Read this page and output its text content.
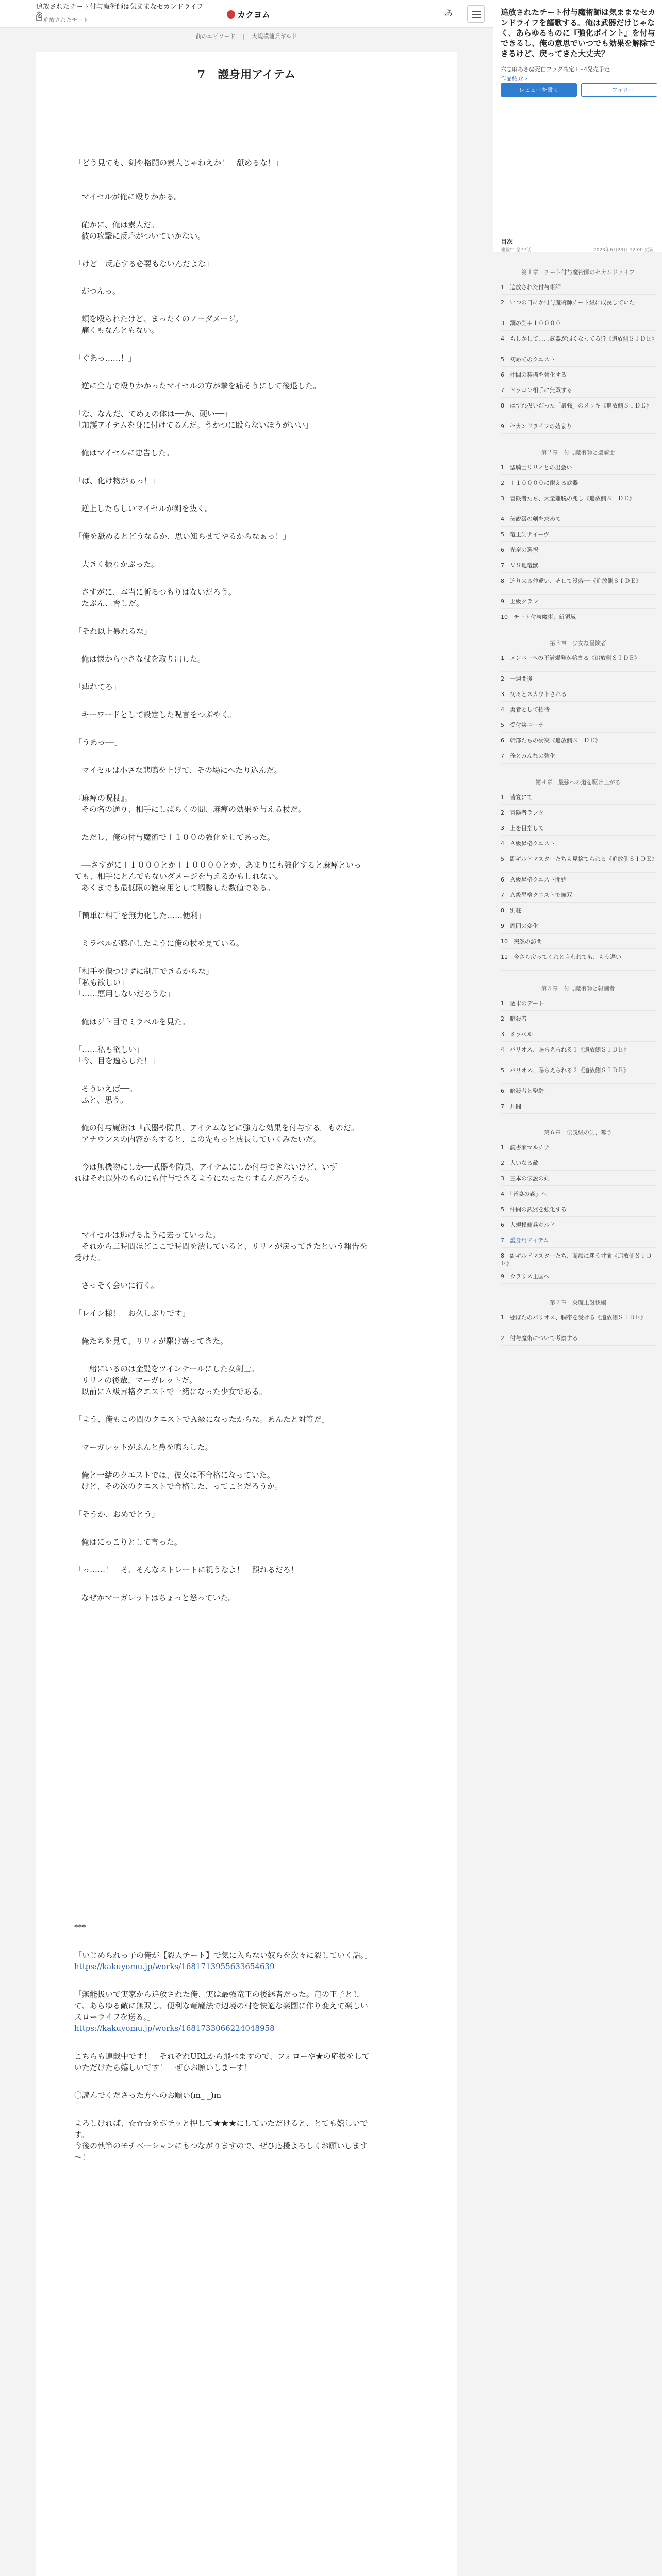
追放されたチート付与魔術師は気ままなセカンドライフを
追放されたチート
カクヨム	あ
前のエピソード | 大規模傭兵ギルド
7 護身用アイテム
「どう見ても、剣や格闘の素人じゃねえか！　舐めるな！」
マイセルが俺に殴りかかる。
確かに、俺は素人だ。
彼の攻撃に反応がついていかない。
「けど一反応する必要もないんだよな」
がつんっ。
頬を殴られたけど、まったくのノーダメージ。
痛くもなんともない。
「ぐあっ……！」
逆に全力で殴りかかったマイセルの方が拳を痛そうにして後退した。
「な、なんだ、てめぇの体は──か、硬い──」
「加護アイテムを身に付けてるんだ。うかつに殴らないほうがいい」
俺はマイセルに忠告した。
「ば、化け物がぁっ！」
逆上したらしいマイセルが剣を抜く。
「俺を舐めるとどうなるか、思い知らせてやるからなぁっ！」
大きく振りかぶった。
さすがに、本当に斬るつもりはないだろう。
たぶん、脅しだ。
「それ以上暴れるな」
俺は懐から小さな杖を取り出した。
「痺れてろ」
キーワードとして設定した呪言をつぶやく。
「うあっ──」
マイセルは小さな悲鳴を上げて、その場にへたり込んだ。
『麻痺の呪杖』。
その名の通り、相手にしばらくの間、麻痺の効果を与える杖だ。
ただし、俺の付与魔術で＋１００の強化をしてあった。
──さすがに＋１０００とか＋１００００とか、あまりにも強化すると麻痺といっ
ても、相手にとんでもないダメージを与えるかもしれない。
あくまでも最低限の護身用として調整した数値である。
「簡単に相手を無力化した……便利」
ミラベルが感心したように俺の杖を見ている。
「相手を傷つけずに制圧できるからな」
「私も欲しい」
「……悪用しないだろうな」
俺はジト目でミラベルを見た。
「……私も欲しい」
「今、目を逸らした！」
そういえば──。
ふと、思う。
俺の付与魔術は『武器や防具、アイテムなどに強力な効果を付与する』ものだ。
アナウンスの内容からすると、この先もっと成長していくみたいだ。
今は無機物にしか──武器や防具、アイテムにしか付与できないけど、いず
れはそれ以外のものにも付与できるようになったりするんだろうか。
マイセルは逃げるように去っていった。
それから二時間ほどここで時間を潰していると、リリィが戻ってきたという報告を
受けた。
さっそく会いに行く。
「レイン様！　お久しぶりです」
俺たちを見て、リリィが駆け寄ってきた。
一緒にいるのは金髪をツインテールにした女剣士。
リリィの後輩、マーガレットだ。
以前にＡ級昇格クエストで一緒になった少女である。
「よう、俺もこの間のクエストでＡ級になったからな。あんたと対等だ」
マーガレットがふんと鼻を鳴らした。
俺と一緒のクエストでは、彼女は不合格になっていた。
けど、その次のクエストで合格した、ってことだろうか。
「そうか、おめでとう」
俺はにっこりとして言った。
「っ……！　そ、そんなストレートに祝うなよ！　照れるだろ！」
なぜかマーガレットはちょっと怒っていた。
***
「いじめられっ子の俺が【殺人チート】で気に入らない奴らを次々に殺していく話。」
https://kakuyomu.jp/works/1681713955633654639
「無能扱いで実家から追放された俺、実は最強竜王の後継者だった。竜の王子とし
て、あらゆる敵に無双し、便利な竜魔法で辺境の村を快適な楽園に作り変えて楽しい
スローライフを送る。」
https://kakuyomu.jp/works/1681733066224048958
こちらも連載中です！　それぞれURLから飛べますので、フォローや★の応援をして
いただけたら嬉しいです！　ぜひお願いしまーす！
〇読んでくださった方へのお願い(m_ _)m
よろしければ、☆☆☆をポチッと押して★★★にしていただけると、とても嬉しいで
す。
今後の執筆のモチベーションにもつながりますので、ぜひ応援よろしくお願いします
～！

追放されたチート付与魔術師は気ままなセカンドライフを謳歌する。俺は武器だけじゃなく、あらゆるものに『強化ポイント』を付与できるし、俺の意思でいつでも効果を解除できるけど、戻ってきた大丈夫？
六志麻あさ@死亡フラグ確定3～4発売予定
作品紹介 ›
レビューを書く	＋ フォロー
目次
連載中 全77話	2023年6月23日 12:00 更新
第１章　チート付与魔術師のセカンドライフ
1　追放された付与術師
2　いつの日にか付与魔術師チート級に成長していた
3　鋼の剣＋１００００
4　もしかして……武器が弱くなってる!?《追放側ＳＩＤＥ》
5　初めてのクエスト
6　仲間の装備を強化する
7　ドラゴン相手に無双する
8　はずれ扱いだった「最強」のメッキ《追放側ＳＩＤＥ》
9　セカンドライフの始まり
第２章　付与魔術師と聖騎士
1　聖騎士リリィとの出会い
2　＋１００００に耐える武器
3　冒険者たち、大量離脱の兆し《追放側ＳＩＤＥ》
4　伝説級の剣を求めて
5　竜王剣ナイーヴ
6　光竜の選択
7　ＶＳ地竜獣
8　迫り来る仲違い、そして没落──《追放側ＳＩＤＥ》
9　上級クラン
10　チート付与魔術、新領域
第３章　少女な冒険者
1　メンバーへの不満爆発が始まる《追放側ＳＩＤＥ》
2　一週間後
3　初々とスカウトされる
4　勇者として招待
5　受付嬢ニーナ
6　幹部たちの衝突《追放側ＳＩＤＥ》
7　俺とみんなの強化
第４章　最強への道を駆け上がる
1　皆宴にて
2　冒険者ランク
3　上を目指して
4　Ａ級昇格クエスト
5　副ギルドマスターたちも見捨てられる《追放側ＳＩＤＥ》
6　Ａ級昇格クエスト開始
7　Ａ級昇格クエストで無双
8　別荘
9　周囲の変化
10　突然の訪問
11　今さら戻ってくれと言われても、もう遅い
第５章　付与魔術師と報酬者
1　週末のデート
2　暗殺者
3　ミラベル
4　バリオス、賜らえられる１《追放側ＳＩＤＥ》
5　バリオス、賜らえられる２《追放側ＳＩＤＥ》
6　暗殺者と聖騎士
7　共闘
第６章　伝説級の剣、奪う
1　読書家マルチナ
2　大いなる敵
3　三本の伝説の剣
4　「皆宴の森」へ
5　仲間の武器を強化する
6　大規模傭兵ギルド
7　護身用アイテム
8　副ギルドマスターたち、商談に迷う寸前《追放側ＳＩＤＥ》
9　ウラリス王国へ
第７章　災魔王討伐編
1　棚ぼたのバリオス、胴帯を受ける《追放側ＳＩＤＥ》
2　付与魔術について考察する
